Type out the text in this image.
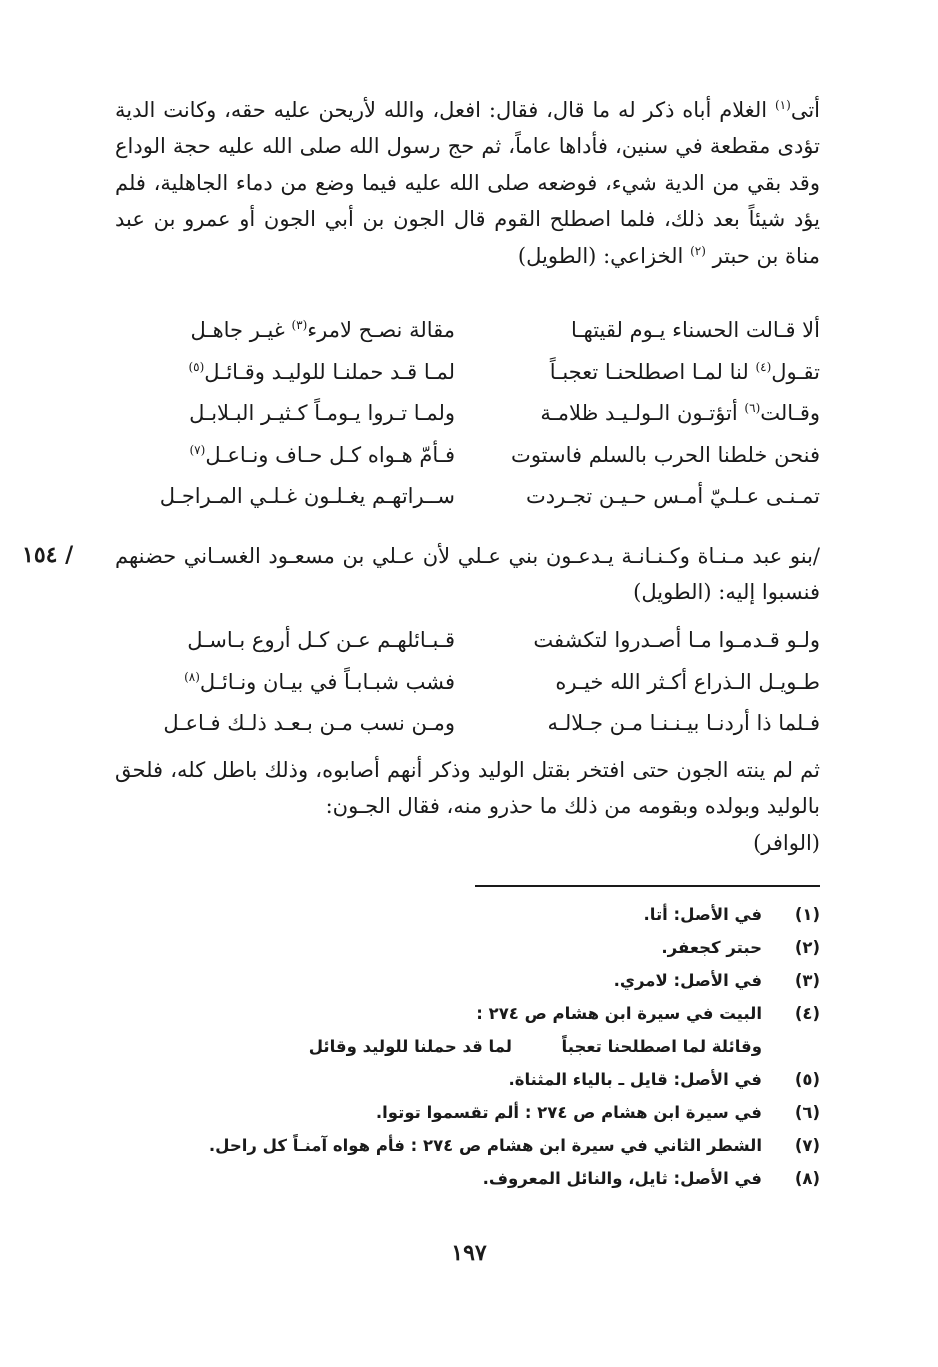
أتى$^{(١)}$ الغلام أباه ذكر له ما قال، فقال: افعل، والله لأريحن عليه حقه، وكانت الدية تؤدى مقطعة في سنين، فأداها عاماً، ثم حج رسول الله صلى الله عليه حجة الوداع وقد بقي من الدية شيء، فوضعه صلى الله عليه فيما وضع من دماء الجاهلية، فلم يؤد شيئاً بعد ذلك، فلما اصطلح القوم قال الجون بن أبي الجون أو عمرو بن عبد مناة بن حبتر $^{(٢)}$ الخزاعي: (الطويل)

ألا قـالت الحسناء يـوم لقيتهـا
مقالة نصـح لامرء$^{(٣)}$ غيـر جاهـل
تقـول$^{(٤)}$ لنا لمـا اصطلحنـا تعجبـاً
لمـا قـد حملنـا للوليـد وقـائـل$^{(٥)}$
وقـالت$^{(٦)}$ أتؤتـون الـولـيـد ظلامـة
ولمـا تـروا يـومـاً كـثيـر البـلابـل
فنحن خلطنا الحرب بالسلم فاستوت
فـأمّ هـواه كـل حـاف ونـاعـل$^{(٧)}$
تمـنـى عـلـيّ أمـس حـيـن تجـردت
ســراتهـم يغـلـون غـلـي المـراجـل

/بنو عبد مـنـاة وكـنـانـة يـدعـون بني عـلي لأن عـلي بن مسعـود الغسـاني حضنهم فنسبوا إليه: (الطويل)

/ ١٥٤
ولـو قـدمـوا مـا أصـدروا لتكشفت
قـبـائلهـم عـن كـل أروع بـاسـل
طـويـل الـذراع أكـثر الله خيـره
فشب شبـابـاً في بيـان ونـائـل$^{(٨)}$
فـلما ذا أردنـا بيـنـنـا مـن جـلالـه
ومـن نسب مـن بـعـد ذلـك فـاعـل

ثم لم ينته الجون حتى افتخر بقتل الوليد وذكر أنهم أصابوه، وذلك باطل كله، فلحق بالوليد وبولده وبقومه من ذلك ما حذرو منه، فقال الجـون:
(الوافر)

(١)
في الأصل: أتا.
(٢)
حبتر كجعفر.
(٣)
في الأصل: لامري.
(٤)
البيت في سيرة ابن هشام ص ٢٧٤ :
وقائلة لما اصطلحنا تعجباً
لما قد حملنا للوليد وقائل
(٥)
في الأصل: قايل ـ بالياء المثناة.
(٦)
في سيرة ابن هشام ص ٢٧٤ : ألم تقسموا توتوا.
(٧)
الشطر الثاني في سيرة ابن هشام ص ٢٧٤ : فأم هواه آمنـاً كل راحل.
(٨)
في الأصل: ثايل، والنائل المعروف.
١٩٧
